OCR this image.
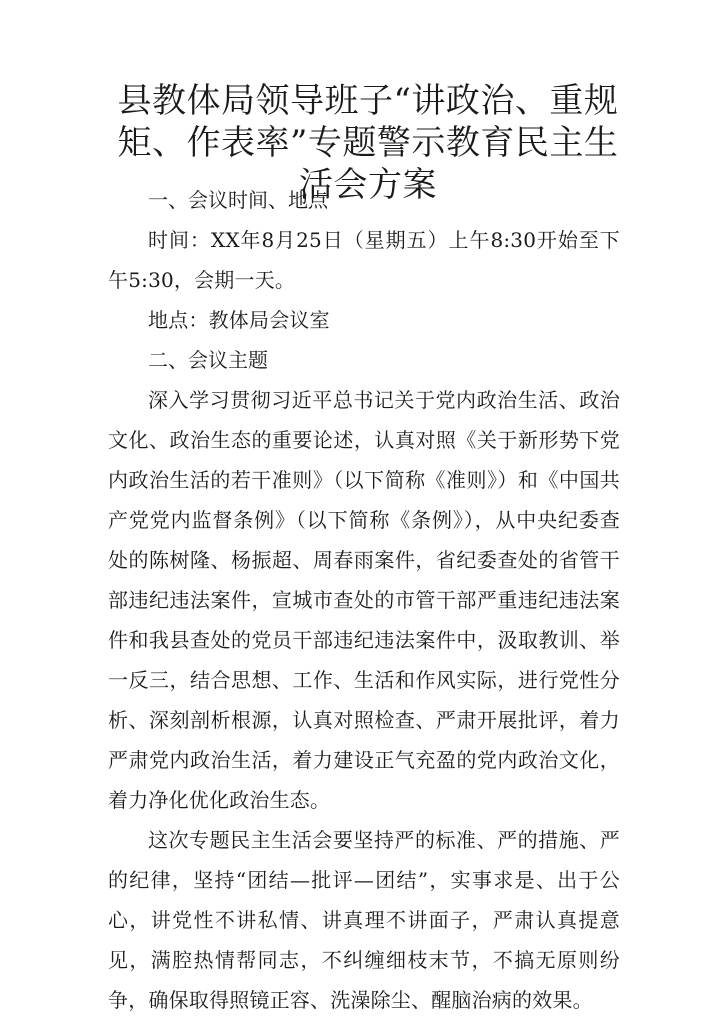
县教体局领导班子“讲政治、重规矩、作表率”专题警示教育民主生活会方案

一、会议时间、地点

时间：XX年8月25日（星期五）上午8:30开始至下午5:30，会期一天。

地点：教体局会议室

二、会议主题

深入学习贯彻习近平总书记关于党内政治生活、政治文化、政治生态的重要论述，认真对照《关于新形势下党内政治生活的若干准则》（以下简称《准则》）和《中国共产党党内监督条例》（以下简称《条例》），从中央纪委查处的陈树隆、杨振超、周春雨案件，省纪委查处的省管干部违纪违法案件，宣城市查处的市管干部严重违纪违法案件和我县查处的党员干部违纪违法案件中，汲取教训、举一反三，结合思想、工作、生活和作风实际，进行党性分析、深刻剖析根源，认真对照检查、严肃开展批评，着力严肃党内政治生活，着力建设正气充盈的党内政治文化，着力净化优化政治生态。

这次专题民主生活会要坚持严的标准、严的措施、严的纪律，坚持“团结—批评—团结”，实事求是、出于公心，讲党性不讲私情、讲真理不讲面子，严肃认真提意见，满腔热情帮同志，不纠缠细枝末节，不搞无原则纷争，确保取得照镜正容、洗澡除尘、醒脑治病的效果。
